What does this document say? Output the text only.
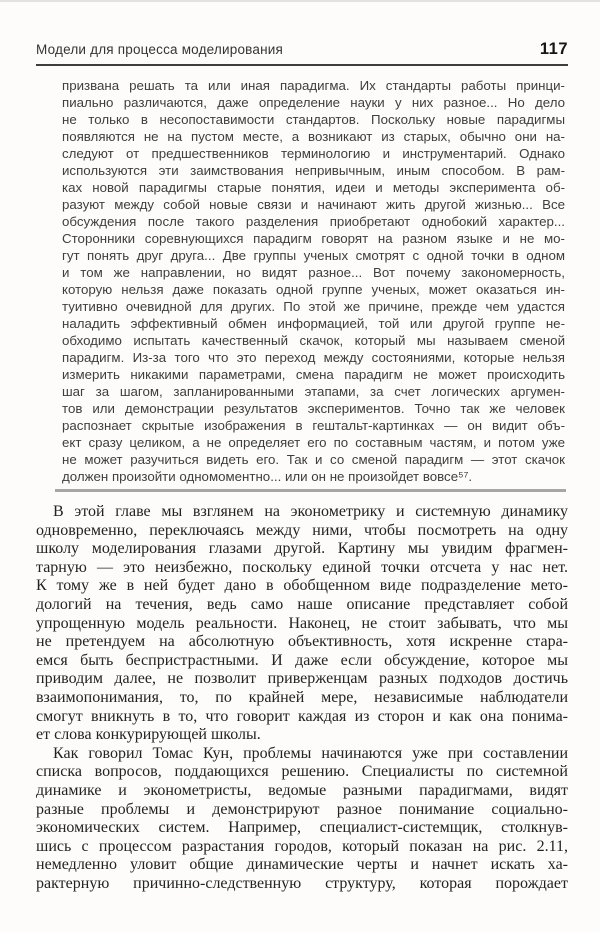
Модели для процесса моделирования	117
призвана решать та или иная парадигма. Их стандарты работы принци-
пиально различаются, даже определение науки у них разное... Но дело
не только в несопоставимости стандартов. Поскольку новые парадигмы
появляются не на пустом месте, а возникают из старых, обычно они на-
следуют от предшественников терминологию и инструментарий. Однако
используются эти заимствования непривычным, иным способом. В рам-
ках новой парадигмы старые понятия, идеи и методы эксперимента об-
разуют между собой новые связи и начинают жить другой жизнью... Все
обсуждения после такого разделения приобретают однобокий характер...
Сторонники соревнующихся парадигм говорят на разном языке и не мо-
гут понять друг друга... Две группы ученых смотрят с одной точки в одном
и том же направлении, но видят разное... Вот почему закономерность,
которую нельзя даже показать одной группе ученых, может оказаться ин-
туитивно очевидной для других. По этой же причине, прежде чем удастся
наладить эффективный обмен информацией, той или другой группе не-
обходимо испытать качественный скачок, который мы называем сменой
парадигм. Из-за того что это переход между состояниями, которые нельзя
измерить никакими параметрами, смена парадигм не может происходить
шаг за шагом, запланированными этапами, за счет логических аргумен-
тов или демонстрации результатов экспериментов. Точно так же человек
распознает скрытые изображения в гештальт-картинках — он видит объ-
ект сразу целиком, а не определяет его по составным частям, и потом уже
не может разучиться видеть его. Так и со сменой парадигм — этот скачок
должен произойти одномоментно... или он не произойдет вовсе⁵⁷.
В этой главе мы взглянем на эконометрику и системную динамику
одновременно, переключаясь между ними, чтобы посмотреть на одну
школу моделирования глазами другой. Картину мы увидим фрагмен-
тарную — это неизбежно, поскольку единой точки отсчета у нас нет.
К тому же в ней будет дано в обобщенном виде подразделение мето-
дологий на течения, ведь само наше описание представляет собой
упрощенную модель реальности. Наконец, не стоит забывать, что мы
не претендуем на абсолютную объективность, хотя искренне стара-
емся быть беспристрастными. И даже если обсуждение, которое мы
приводим далее, не позволит приверженцам разных подходов достичь
взаимопонимания, то, по крайней мере, независимые наблюдатели
смогут вникнуть в то, что говорит каждая из сторон и как она понима-
ет слова конкурирующей школы.
Как говорил Томас Кун, проблемы начинаются уже при составлении
списка вопросов, поддающихся решению. Специалисты по системной
динамике и эконометристы, ведомые разными парадигмами, видят
разные проблемы и демонстрируют разное понимание социально-
экономических систем. Например, специалист-системщик, столкнув-
шись с процессом разрастания городов, который показан на рис. 2.11,
немедленно уловит общие динамические черты и начнет искать ха-
рактерную причинно-следственную структуру, которая порождает
